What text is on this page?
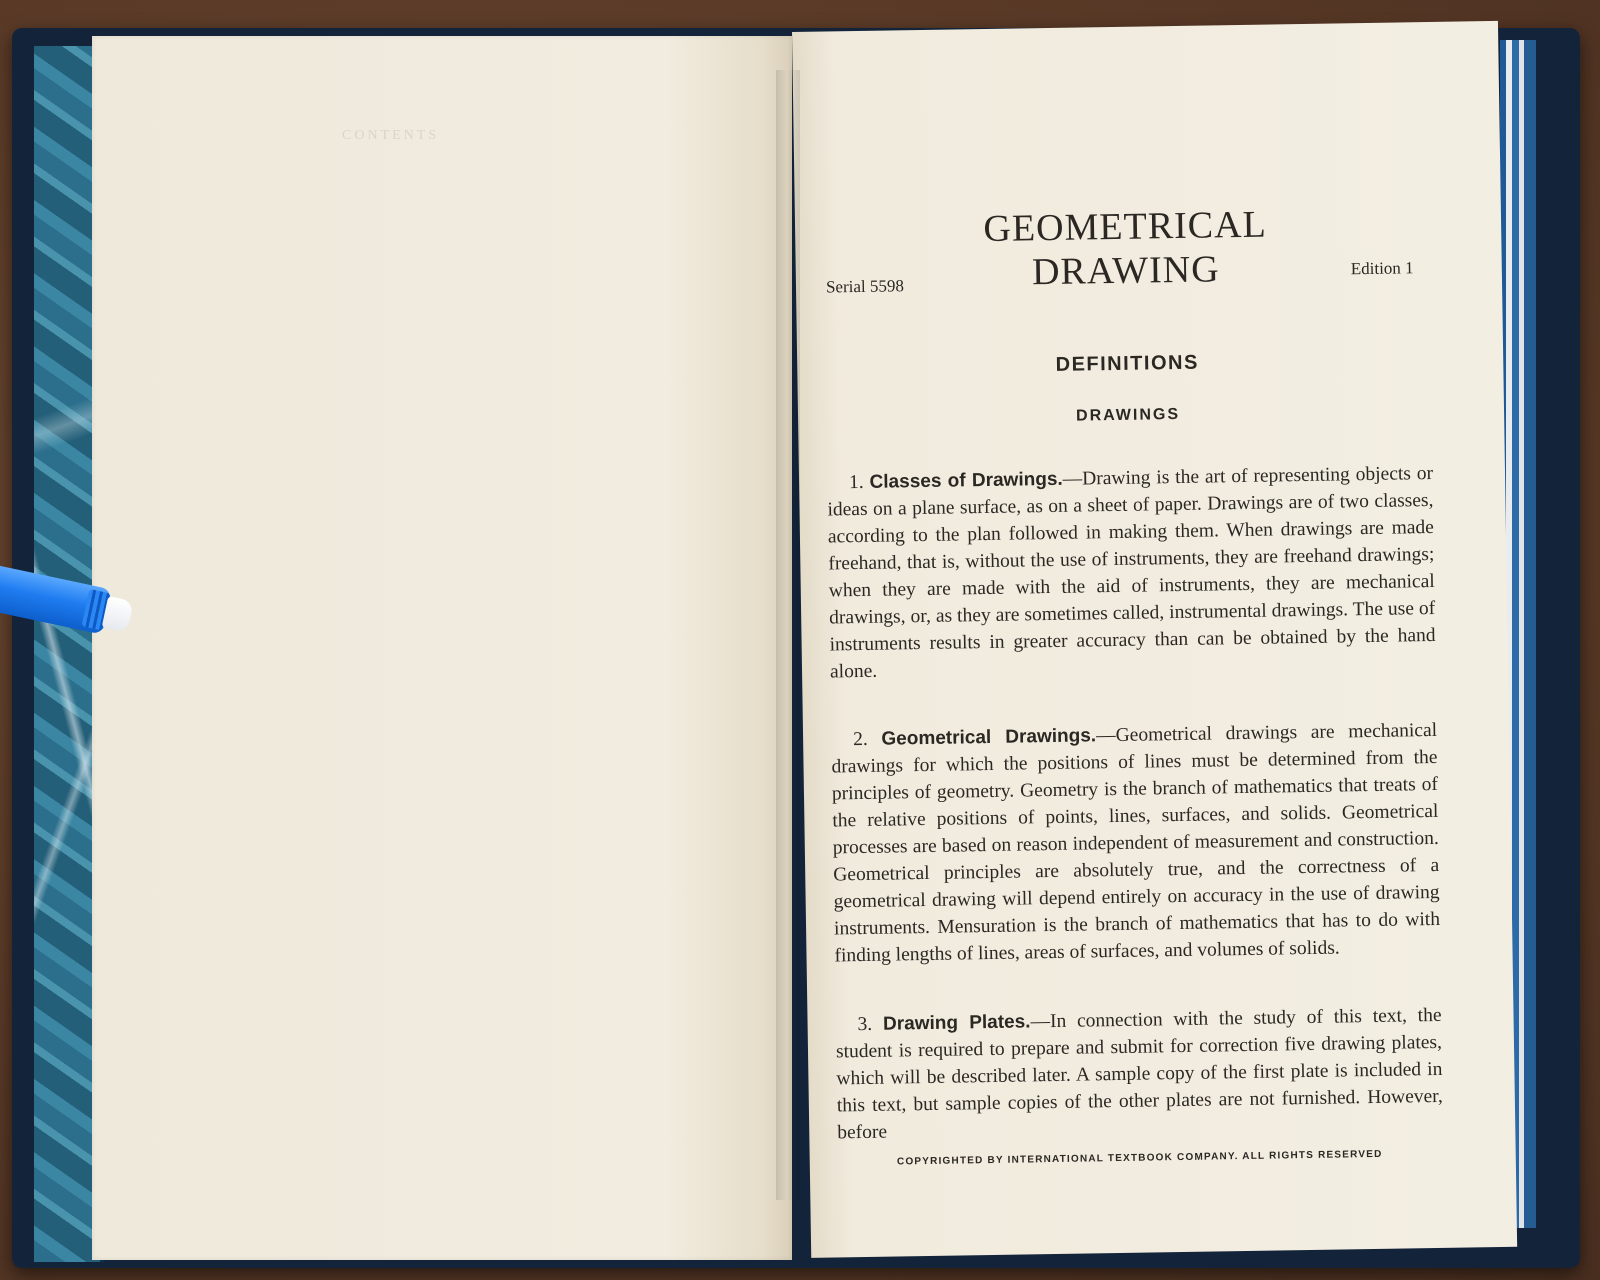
CONTENTS
GEOMETRICAL DRAWING
Serial 5598
Edition 1
DEFINITIONS
DRAWINGS

1. Classes of Drawings.—Drawing is the art of representing objects or ideas on a plane surface, as on a sheet of paper. Drawings are of two classes, according to the plan followed in making them. When drawings are made freehand, that is, without the use of instruments, they are freehand drawings; when they are made with the aid of instruments, they are mechanical drawings, or, as they are sometimes called, instrumental drawings. The use of instruments results in greater accuracy than can be obtained by the hand alone.

2. Geometrical Drawings.—Geometrical drawings are mechanical drawings for which the positions of lines must be determined from the principles of geometry. Geometry is the branch of mathematics that treats of the relative positions of points, lines, surfaces, and solids. Geometrical processes are based on reason independent of measurement and construction. Geometrical principles are absolutely true, and the correctness of a geometrical drawing will depend entirely on accuracy in the use of drawing instruments. Mensuration is the branch of mathematics that has to do with finding lengths of lines, areas of surfaces, and volumes of solids.

3. Drawing Plates.—In connection with the study of this text, the student is required to prepare and submit for correction five drawing plates, which will be described later. A sample copy of the first plate is included in this text, but sample copies of the other plates are not furnished. However, before

COPYRIGHTED BY INTERNATIONAL TEXTBOOK COMPANY. ALL RIGHTS RESERVED
